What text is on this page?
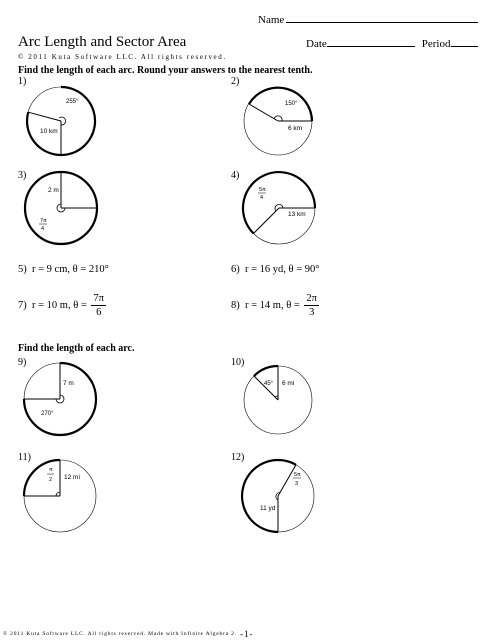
Name
Arc Length and Sector Area	Date	Period
© 2011 Kuta Software LLC. All rights reserved.
Find the length of each arc. Round your answers to the nearest tenth.
1)
255°
10 km
2)
150°
6 km
3)
2 m
7π
4
4)
5π
4
13 km
5) r = 9 cm, θ = 210°	6) r = 16 yd, θ = 90°
7) r = 10 m, $\theta = \frac{7\pi}{6}$	8) r = 14 m, $\theta = \frac{2\pi}{3}$
Find the length of each arc.
9)
7 m
270°
10)
45° 6 mi
11)
π
2 12 mi
12)
5π
3
11 yd
© 2011 Kuta Software LLC. All rights reserved. Made with Infinite Algebra 2. -1-
